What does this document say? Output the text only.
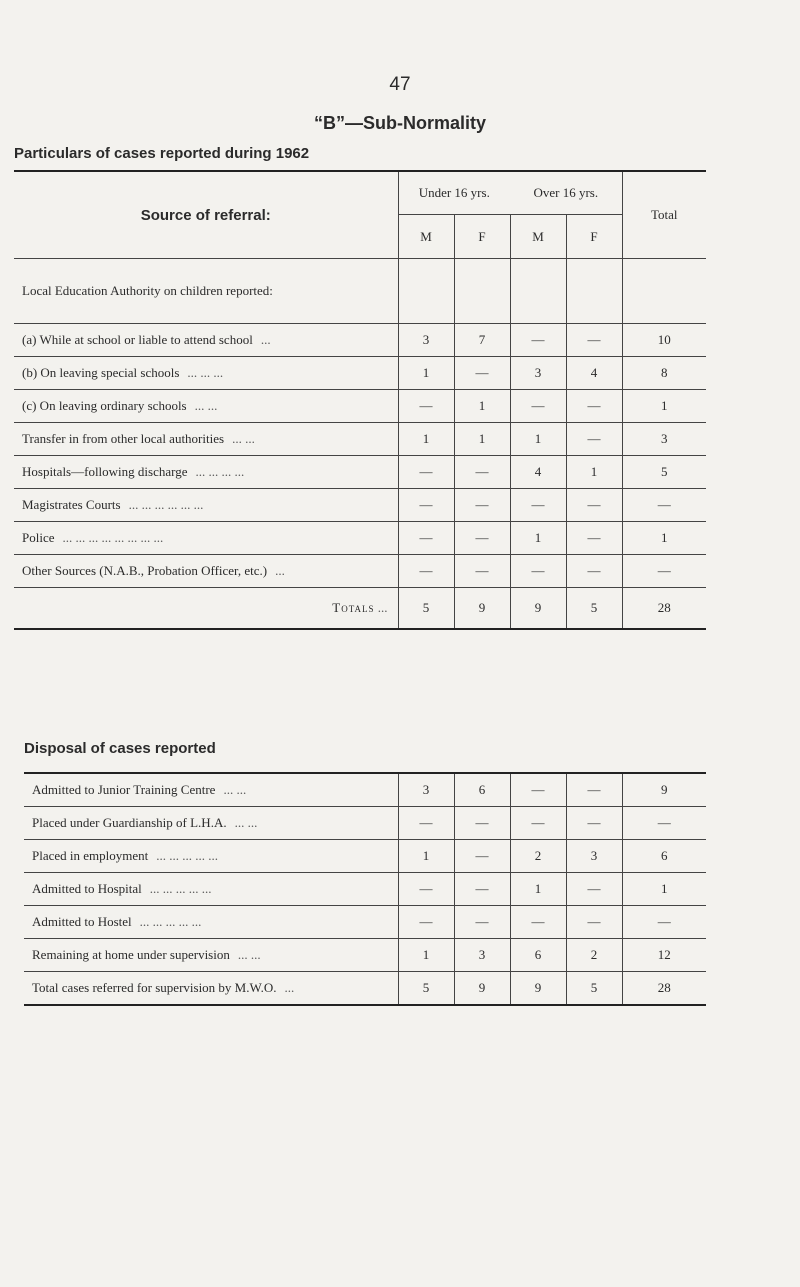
47
“B”—Sub-Normality
Particulars of cases reported during 1962
Source of referral:	Under 16 yrs.		Over 16 yrs.		Total
	M	F	M	F	
Local Education Authority on children reported:					
(a) While at school or liable to attend school ...	3	7	—	—	10
(b) On leaving special schools ... ... ...	1	—	3	4	8
(c) On leaving ordinary schools ... ...	—	1	—	—	1
Transfer in from other local authorities ... ...	1	1	1	—	3
Hospitals—following discharge ... ... ... ...	—	—	4	1	5
Magistrates Courts ... ... ... ... ... ...	—	—	—	—	—
Police ... ... ... ... ... ... ... ...	—	—	1	—	1
Other Sources (N.A.B., Probation Officer, etc.) ...	—	—	—	—	—
Totals ...	5	9	9	5	28
Disposal of cases reported
Admitted to Junior Training Centre ... ...	3	6	—	—	9
Placed under Guardianship of L.H.A. ... ...	—	—	—	—	—
Placed in employment ... ... ... ... ...	1	—	2	3	6
Admitted to Hospital ... ... ... ... ...	—	—	1	—	1
Admitted to Hostel ... ... ... ... ...	—	—	—	—	—
Remaining at home under supervision ... ...	1	3	6	2	12
Total cases referred for supervision by M.W.O. ...	5	9	9	5	28
